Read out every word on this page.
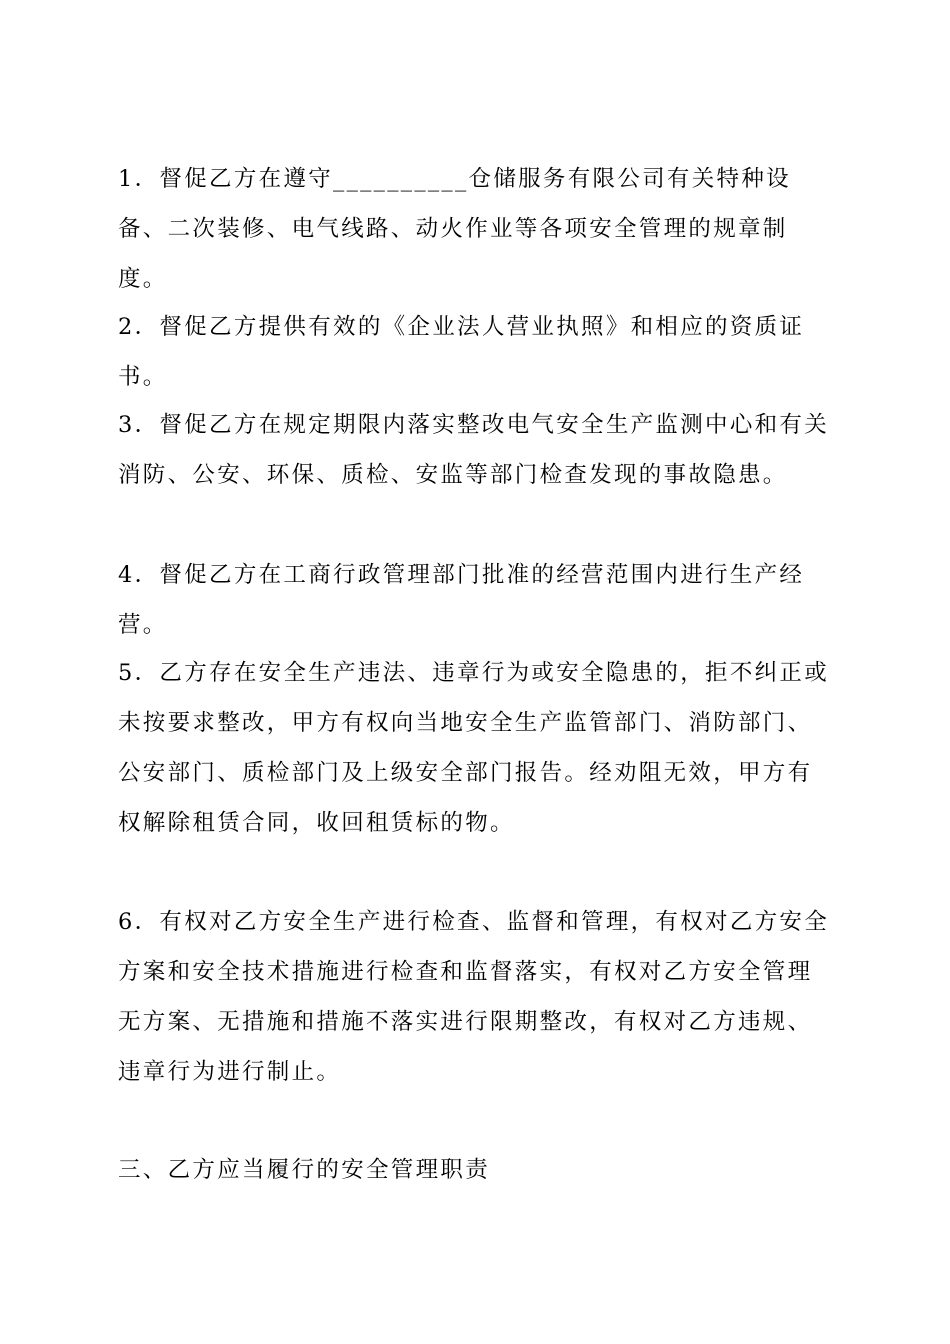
1．督促乙方在遵守__________仓储服务有限公司有关特种设备、二次装修、电气线路、动火作业等各项安全管理的规章制度。

2．督促乙方提供有效的《企业法人营业执照》和相应的资质证书。

3．督促乙方在规定期限内落实整改电气安全生产监测中心和有关消防、公安、环保、质检、安监等部门检查发现的事故隐患。

4．督促乙方在工商行政管理部门批准的经营范围内进行生产经营。

5．乙方存在安全生产违法、违章行为或安全隐患的，拒不纠正或未按要求整改，甲方有权向当地安全生产监管部门、消防部门、公安部门、质检部门及上级安全部门报告。经劝阻无效，甲方有权解除租赁合同，收回租赁标的物。

6．有权对乙方安全生产进行检查、监督和管理，有权对乙方安全方案和安全技术措施进行检查和监督落实，有权对乙方安全管理无方案、无措施和措施不落实进行限期整改，有权对乙方违规、违章行为进行制止。

三、乙方应当履行的安全管理职责
